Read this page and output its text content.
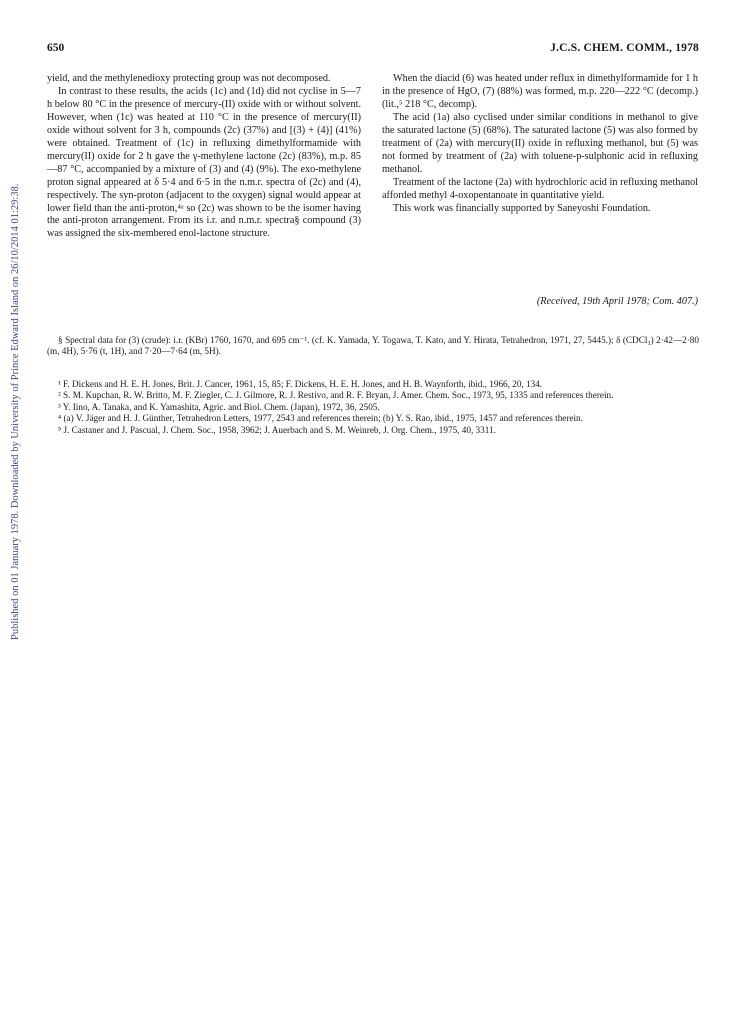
Published on 01 January 1978. Downloaded by University of Prince Edward Island on 26/10/2014 01:29:38.
650	J.C.S. CHEM. COMM., 1978

yield, and the methylenedioxy protecting group was not decomposed.

In contrast to these results, the acids (1c) and (1d) did not cyclise in 5—7 h below 80 °C in the presence of mercury-(II) oxide with or without solvent. However, when (1c) was heated at 110 °C in the presence of mercury(II) oxide without solvent for 3 h, compounds (2c) (37%) and [(3) + (4)] (41%) were obtained. Treatment of (1c) in refluxing dimethylformamide with mercury(II) oxide for 2 h gave the γ-methylene lactone (2c) (83%), m.p. 85—87 °C, accompanied by a mixture of (3) and (4) (9%). The exo-methylene proton signal appeared at δ 5·4 and 6·5 in the n.m.r. spectra of (2c) and (4), respectively. The syn-proton (adjacent to the oxygen) signal would appear at lower field than the anti-proton,⁴ᵃ so (2c) was shown to be the isomer having the anti-proton arrangement. From its i.r. and n.m.r. spectra§ compound (3) was assigned the six-membered enol-lactone structure.

When the diacid (6) was heated under reflux in dimethylformamide for 1 h in the presence of HgO, (7) (88%) was formed, m.p. 220—222 °C (decomp.) (lit.,⁵ 218 °C, decomp).

The acid (1a) also cyclised under similar conditions in methanol to give the saturated lactone (5) (68%). The saturated lactone (5) was also formed by treatment of (2a) with mercury(II) oxide in refluxing methanol, but (5) was not formed by treatment of (2a) with toluene-p-sulphonic acid in refluxing methanol.

Treatment of the lactone (2a) with hydrochloric acid in refluxing methanol afforded methyl 4-oxopentanoate in quantitative yield.

This work was financially supported by Saneyoshi Foundation.

(Received, 19th April 1978; Com. 407.)

§ Spectral data for (3) (crude): i.r. (KBr) 1760, 1670, and 695 cm⁻¹. (cf. K. Yamada, Y. Togawa, T. Kato, and Y. Hirata, Tetrahedron, 1971, 27, 5445.); δ (CDCl₃) 2·42—2·80 (m, 4H), 5·76 (t, 1H), and 7·20—7·64 (m, 5H).

¹ F. Dickens and H. E. H. Jones, Brit. J. Cancer, 1961, 15, 85; F. Dickens, H. E. H. Jones, and H. B. Waynforth, ibid., 1966, 20, 134.

² S. M. Kupchan, R. W. Britto, M. F. Ziegler, C. J. Gilmore, R. J. Restivo, and R. F. Bryan, J. Amer. Chem. Soc., 1973, 95, 1335 and references therein.

³ Y. Iino, A. Tanaka, and K. Yamashita, Agric. and Biol. Chem. (Japan), 1972, 36, 2505.

⁴ (a) V. Jäger and H. J. Günther, Tetrahedron Letters, 1977, 2543 and references therein; (b) Y. S. Rao, ibid., 1975, 1457 and references therein.

⁵ J. Castaner and J. Pascual, J. Chem. Soc., 1958, 3962; J. Auerbach and S. M. Weinreb, J. Org. Chem., 1975, 40, 3311.
